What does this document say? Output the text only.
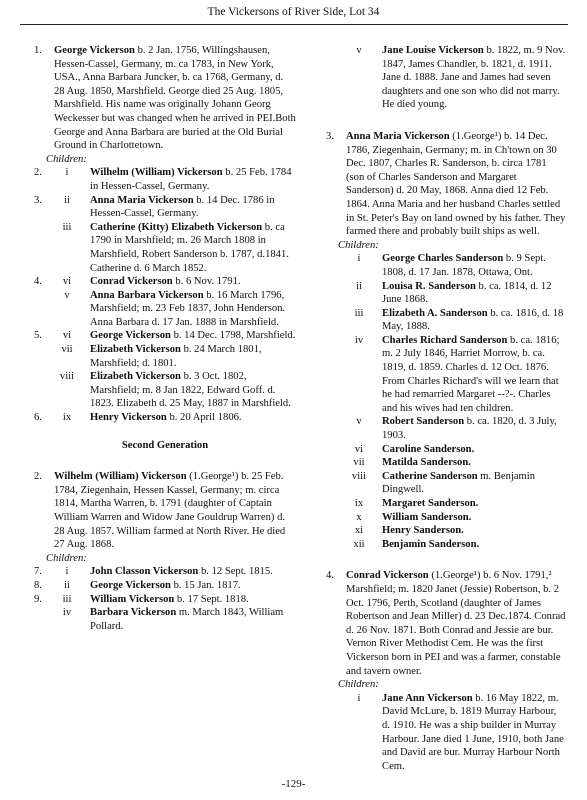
The Vickersons of River Side, Lot 34
1. George Vickerson b. 2 Jan. 1756, Willingshausen, Hessen-Cassel, Germany, m. ca 1783, in New York, USA., Anna Barbara Juncker, b. ca 1768, Germany, d. 28 Aug. 1850, Marshfield. George died 25 Aug. 1805, Marshfield. His name was originally Johann Georg Weckesser but was changed when he arrived in PEI.Both George and Anna Barbara are buried at the Old Burial Ground in Charlottetown.
Children:
2.	i	Wilhelm (William) Vickerson b. 25 Feb. 1784 in Hessen-Cassel, Germany.
3.	ii	Anna Maria Vickerson b. 14 Dec. 1786 in Hessen-Cassel, Germany.
iii	Catherine (Kitty) Elizabeth Vickerson b. ca 1790 in Marshfield; m. 26 March 1808 in Marshfield, Robert Sanderson b. 1787, d.1841. Catherine d. 6 March 1852.
4.	vi	Conrad Vickerson b. 6 Nov. 1791.
v	Anna Barbara Vickerson b. 16 March 1796, Marshfield; m. 23 Feb 1837, John Henderson. Anna Barbara d. 17 Jan. 1888 in Marshfield.
5.	vi	George Vickerson b. 14 Dec. 1798, Marshfield.
vii	Elizabeth Vickerson b. 24 March 1801, Marshfield; d. 1801.
viii	Elizabeth Vickerson b. 3 Oct. 1802, Marshfield; m. 8 Jan 1822, Edward Goff. d. 1823. Elizabeth d. 25 May, 1887 in Marshfield.
6.	ix	Henry Vickerson b. 20 April 1806.
Second Generation
2. Wilhelm (William) Vickerson (1.George¹) b. 25 Feb. 1784, Ziegenhain, Hessen Kassel, Germany; m. circa 1814, Martha Warren, b. 1791 (daughter of Captain William Warren and Widow Jane Gouldrup Warren) d. 28 Aug. 1857. William farmed at North River. He died 27 Aug. 1868.
Children:
7.	i	John Classon Vickerson b. 12 Sept. 1815.
8.	ii	George Vickerson b. 15 Jan. 1817.
9.	iii	William Vickerson b. 17 Sept. 1818.
iv	Barbara Vickerson m. March 1843, William Pollard.
v	Jane Louise Vickerson b. 1822, m. 9 Nov. 1847, James Chandler, b. 1821, d. 1911. Jane d. 1888. Jane and James had seven daughters and one son who did not marry. He died young.
3. Anna Maria Vickerson (1.George¹) b. 14 Dec. 1786, Ziegenhain, Germany; m. in Ch'town on 30 Dec. 1807, Charles R. Sanderson, b. circa 1781 (son of Charles Sanderson and Margaret Sanderson) d. 20 May, 1868. Anna died 12 Feb. 1864. Anna Maria and her husband Charles settled in St. Peter's Bay on land owned by his father. They farmed there and probably built ships as well.
Children:
i	George Charles Sanderson b. 9 Sept. 1808, d. 17 Jan. 1878, Ottawa, Ont.
ii	Louisa R. Sanderson b. ca. 1814, d. 12 June 1868.
iii	Elizabeth A. Sanderson b. ca. 1816, d. 18 May, 1888.
iv	Charles Richard Sanderson b. ca. 1816; m. 2 July 1846, Harriet Morrow, b. ca. 1819, d. 1859. Charles d. 12 Oct. 1876. From Charles Richard's will we learn that he had remarried Margaret --?-. Charles and his wives had ten children.
v	Robert Sanderson b. ca. 1820, d. 3 July, 1903.
vi	Caroline Sanderson.
vii	Matilda Sanderson.
viii	Catherine Sanderson m. Benjamin Dingwell.
ix	Margaret Sanderson.
x	William Sanderson.
xi	Henry Sanderson.
xii	Benjamin Sanderson.
4. Conrad Vickerson (1.George¹) b. 6 Nov. 1791,² Marshfield; m. 1820 Janet (Jessie) Robertson, b. 2 Oct. 1796, Perth, Scotland (daughter of James Robertson and Jean Miller) d. 23 Dec.1874. Conrad d. 26 Nov. 1871. Both Conrad and Jessie are bur. Vernon River Methodist Cem. He was the first Vickerson born in PEI and was a farmer, constable and tavern owner.
Children:
i	Jane Ann Vickerson b. 16 May 1822, m. David McLure, b. 1819 Murray Harbour, d. 1910. He was a ship builder in Murray Harbour. Jane died 1 June, 1910, both Jane and David are bur. Murray Harbour North Cem.
-129-
